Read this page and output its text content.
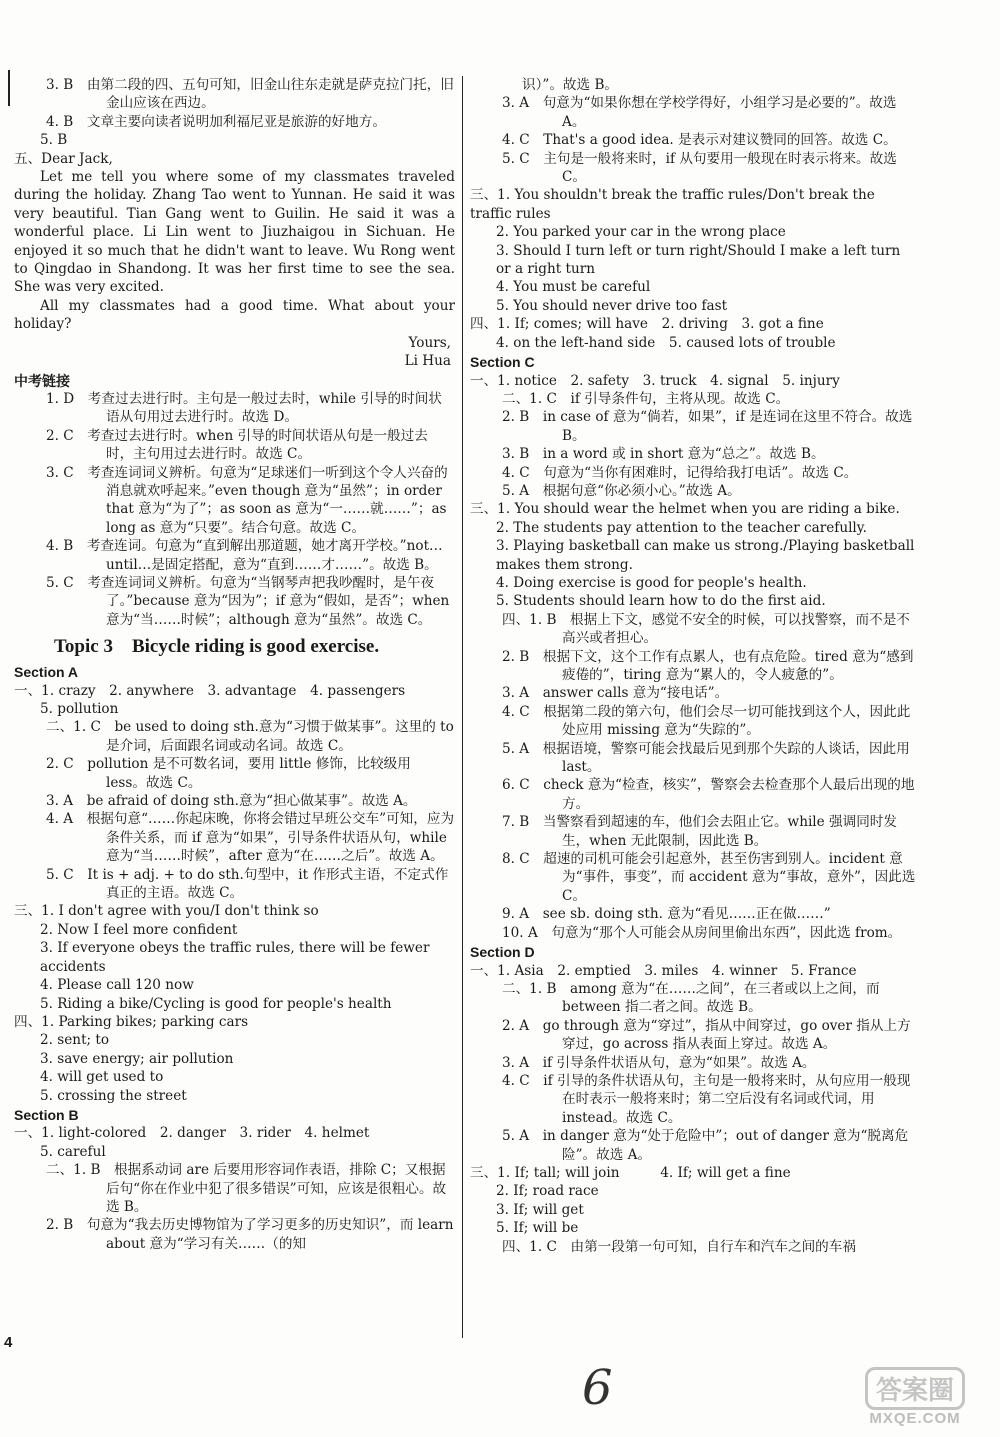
3. B　由第二段的四、五句可知，旧金山往东走就是萨克拉门托，旧金山应该在西边。
4. B　文章主要向读者说明加利福尼亚是旅游的好地方。
5. B
五、Dear Jack,

Let me tell you where some of my classmates traveled during the holiday. Zhang Tao went to Yunnan. He said it was very beautiful. Tian Gang went to Guilin. He said it was a wonderful place. Li Lin went to Jiuzhaigou in Sichuan. He enjoyed it so much that he didn't want to leave. Wu Rong went to Qingdao in Shandong. It was her first time to see the sea. She was very excited.

All my classmates had a good time. What about your holiday?

Yours,
Li Hua
中考链接
1. D　考查过去进行时。主句是一般过去时，while 引导的时间状语从句用过去进行时。故选 D。
2. C　考查过去进行时。when 引导的时间状语从句是一般过去时，主句用过去进行时。故选 C。
3. C　考查连词词义辨析。句意为“足球迷们一听到这个令人兴奋的消息就欢呼起来。”even though 意为“虽然”；in order that 意为“为了”；as soon as 意为“一……就……”；as long as 意为“只要”。结合句意。故选 C。
4. B　考查连词。句意为“直到解出那道题，她才离开学校。”not…until…是固定搭配，意为“直到……才……”。故选 B。
5. C　考查连词词义辨析。句意为“当钢琴声把我吵醒时，是午夜了。”because 意为“因为”；if 意为“假如，是否”；when 意为“当……时候”；although 意为“虽然”。故选 C。
Topic 3　Bicycle riding is good exercise.
Section A
一、1. crazy　2. anywhere　3. advantage　4. passengers
5. pollution
二、1. C　be used to doing sth.意为“习惯于做某事”。这里的 to 是介词，后面跟名词或动名词。故选 C。
2. C　pollution 是不可数名词，要用 little 修饰，比较级用 less。故选 C。
3. A　be afraid of doing sth.意为“担心做某事”。故选 A。
4. A　根据句意“……你起床晚，你将会错过早班公交车”可知，应为条件关系，而 if 意为“如果”，引导条件状语从句，while 意为“当……时候”，after 意为“在……之后”。故选 A。
5. C　It is + adj. + to do sth.句型中，it 作形式主语，不定式作真正的主语。故选 C。
三、1. I don't agree with you/I don't think so
2. Now I feel more confident
3. If everyone obeys the traffic rules, there will be fewer accidents
4. Please call 120 now
5. Riding a bike/Cycling is good for people's health
四、1. Parking bikes; parking cars
2. sent; to
3. save energy; air pollution
4. will get used to
5. crossing the street
Section B
一、1. light-colored　2. danger　3. rider　4. helmet
5. careful
二、1. B　根据系动词 are 后要用形容词作表语，排除 C；又根据后句“你在作业中犯了很多错误”可知，应该是很粗心。故选 B。
2. B　句意为“我去历史博物馆为了学习更多的历史知识”，而 learn about 意为“学习有关……（的知
识）”。故选 B。
3. A　句意为“如果你想在学校学得好，小组学习是必要的”。故选 A。
4. C　That's a good idea. 是表示对建议赞同的回答。故选 C。
5. C　主句是一般将来时，if 从句要用一般现在时表示将来。故选 C。
三、1. You shouldn't break the traffic rules/Don't break the traffic rules
2. You parked your car in the wrong place
3. Should I turn left or turn right/Should I make a left turn or a right turn
4. You must be careful
5. You should never drive too fast
四、1. If; comes; will have　2. driving　3. got a fine
4. on the left-hand side　5. caused lots of trouble
Section C
一、1. notice　2. safety　3. truck　4. signal　5. injury
二、1. C　if 引导条件句，主将从现。故选 C。
2. B　in case of 意为“倘若，如果”，if 是连词在这里不符合。故选 B。
3. B　in a word 或 in short 意为“总之”。故选 B。
4. C　句意为“当你有困难时，记得给我打电话”。故选 C。
5. A　根据句意“你必须小心。”故选 A。
三、1. You should wear the helmet when you are riding a bike.
2. The students pay attention to the teacher carefully.
3. Playing basketball can make us strong./Playing basketball makes them strong.
4. Doing exercise is good for people's health.
5. Students should learn how to do the first aid.
四、1. B　根据上下文，感觉不安全的时候，可以找警察，而不是不高兴或者担心。
2. B　根据下文，这个工作有点累人，也有点危险。tired 意为“感到疲倦的”，tiring 意为“累人的，令人疲惫的”。
3. A　answer calls 意为“接电话”。
4. C　根据第二段的第六句，他们会尽一切可能找到这个人，因此此处应用 missing 意为“失踪的”。
5. A　根据语境，警察可能会找最后见到那个失踪的人谈话，因此用 last。
6. C　check 意为“检查，核实”，警察会去检查那个人最后出现的地方。
7. B　当警察看到超速的车，他们会去阻止它。while 强调同时发生，when 无此限制，因此选 B。
8. C　超速的司机可能会引起意外，甚至伤害到别人。incident 意为“事件，事变”，而 accident 意为“事故，意外”，因此选 C。
9. A　see sb. doing sth. 意为“看见……正在做……”
10. A　句意为“那个人可能会从房间里偷出东西”，因此选 from。
Section D
一、1. Asia　2. emptied　3. miles　4. winner　5. France
二、1. B　among 意为“在……之间”，在三者或以上之间，而 between 指二者之间。故选 B。
2. A　go through 意为“穿过”，指从中间穿过，go over 指从上方穿过，go across 指从表面上穿过。故选 A。
3. A　if 引导条件状语从句，意为“如果”。故选 A。
4. C　if 引导的条件状语从句，主句是一般将来时，从句应用一般现在时表示一般将来时；第二空后没有名词或代词，用 instead。故选 C。
5. A　in danger 意为“处于危险中”；out of danger 意为“脱离危险”。故选 A。
三、1. If; tall; will join　　　4. If; will get a fine
2. If; road race
3. If; will get
5. If; will be
四、1. C　由第一段第一句可知，自行车和汽车之间的车祸
4
6	答案圈
MXQE.COM
